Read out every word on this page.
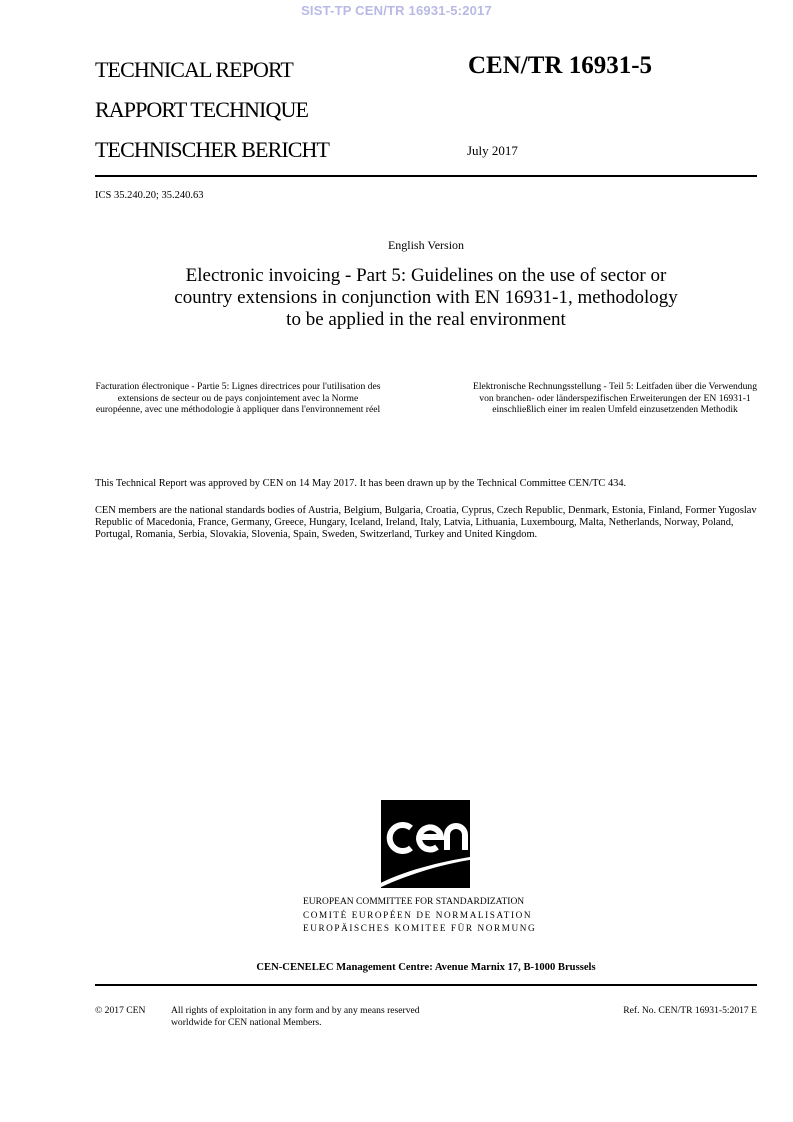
SIST-TP CEN/TR 16931-5:2017
TECHNICAL REPORT
RAPPORT TECHNIQUE
TECHNISCHER BERICHT
CEN/TR 16931-5
July 2017
ICS 35.240.20; 35.240.63
English Version
Electronic invoicing - Part 5: Guidelines on the use of sector or country extensions in conjunction with EN 16931-1, methodology to be applied in the real environment
Facturation électronique - Partie 5: Lignes directrices pour l'utilisation des extensions de secteur ou de pays conjointement avec la Norme européenne, avec une méthodologie à appliquer dans l'environnement réel
Elektronische Rechnungsstellung - Teil 5: Leitfaden über die Verwendung von branchen- oder länderspezifischen Erweiterungen der EN 16931-1 einschließlich einer im realen Umfeld einzusetzenden Methodik
This Technical Report was approved by CEN on 14 May 2017. It has been drawn up by the Technical Committee CEN/TC 434.
CEN members are the national standards bodies of Austria, Belgium, Bulgaria, Croatia, Cyprus, Czech Republic, Denmark, Estonia, Finland, Former Yugoslav Republic of Macedonia, France, Germany, Greece, Hungary, Iceland, Ireland, Italy, Latvia, Lithuania, Luxembourg, Malta, Netherlands, Norway, Poland, Portugal, Romania, Serbia, Slovakia, Slovenia, Spain, Sweden, Switzerland, Turkey and United Kingdom.
EUROPEAN COMMITTEE FOR STANDARDIZATION
COMITÉ EUROPÉEN DE NORMALISATION
EUROPÄISCHES KOMITEE FÜR NORMUNG
CEN-CENELEC Management Centre: Avenue Marnix 17, B-1000 Brussels
© 2017 CEN	All rights of exploitation in any form and by any means reserved
worldwide for CEN national Members.
Ref. No. CEN/TR 16931-5:2017 E
